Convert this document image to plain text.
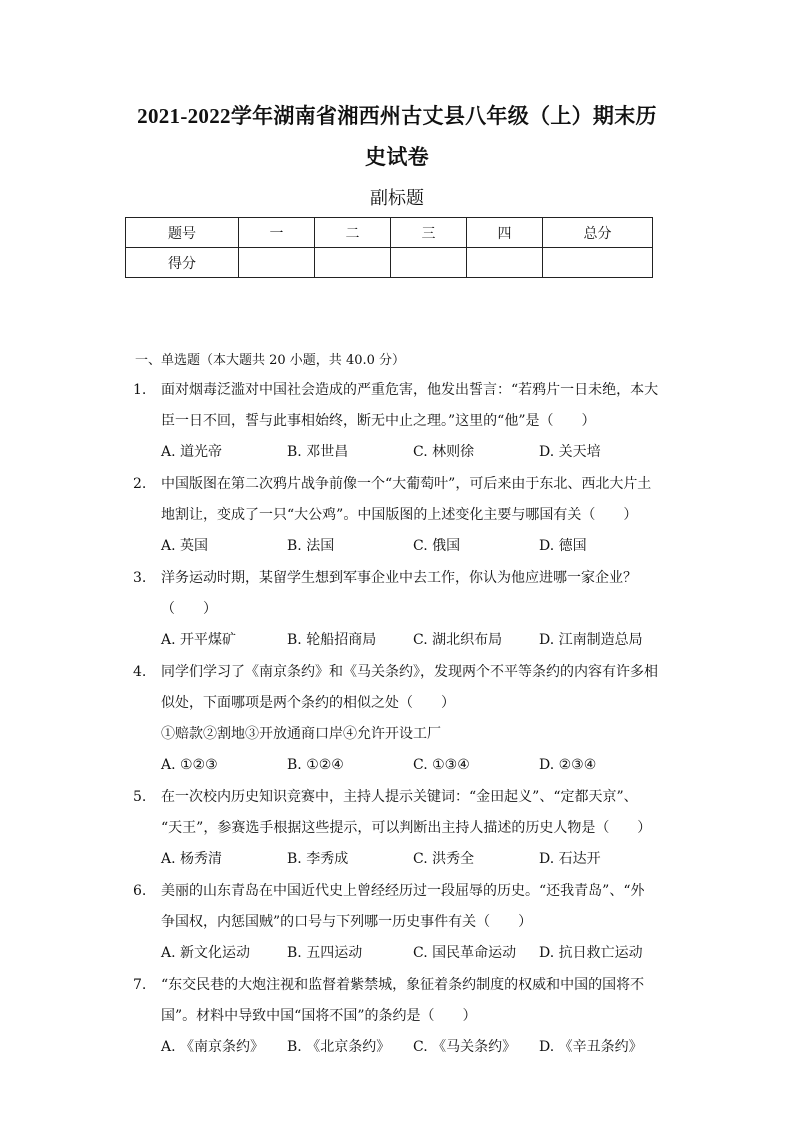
2021-2022学年湖南省湘西州古丈县八年级（上）期末历
史试卷
副标题
题号	一	二	三	四	总分
得分					
一、单选题（本大题共 20 小题，共 40.0 分）
1. 面对烟毒泛滥对中国社会造成的严重危害，他发出誓言：“若鸦片一日未绝，本大
臣一日不回，誓与此事相始终，断无中止之理。”这里的“他”是（　　）
A. 道光帝	B. 邓世昌	C. 林则徐	D. 关天培
2. 中国版图在第二次鸦片战争前像一个“大葡萄叶”，可后来由于东北、西北大片土
地割让，变成了一只“大公鸡”。中国版图的上述变化主要与哪国有关（　　）
A. 英国	B. 法国	C. 俄国	D. 德国
3. 洋务运动时期，某留学生想到军事企业中去工作，你认为他应进哪一家企业？
（　　）
A. 开平煤矿	B. 轮船招商局	C. 湖北织布局	D. 江南制造总局
4. 同学们学习了《南京条约》和《马关条约》，发现两个不平等条约的内容有许多相
似处，下面哪项是两个条约的相似之处（　　）
①赔款②割地③开放通商口岸④允许开设工厂
A. ①②③	B. ①②④	C. ①③④	D. ②③④
5. 在一次校内历史知识竞赛中，主持人提示关键词：“金田起义”、“定都天京”、
“天王”，参赛选手根据这些提示，可以判断出主持人描述的历史人物是（　　）
A. 杨秀清	B. 李秀成	C. 洪秀全	D. 石达开
6. 美丽的山东青岛在中国近代史上曾经经历过一段屈辱的历史。“还我青岛”、“外
争国权，内惩国贼”的口号与下列哪一历史事件有关（　　）
A. 新文化运动	B. 五四运动	C. 国民革命运动 D. 抗日救亡运动
7. “东交民巷的大炮注视和监督着紫禁城，象征着条约制度的权威和中国的国将不
国”。材料中导致中国“国将不国”的条约是（　　）
A. 《南京条约》 B. 《北京条约》 C. 《马关条约》 D. 《辛丑条约》
